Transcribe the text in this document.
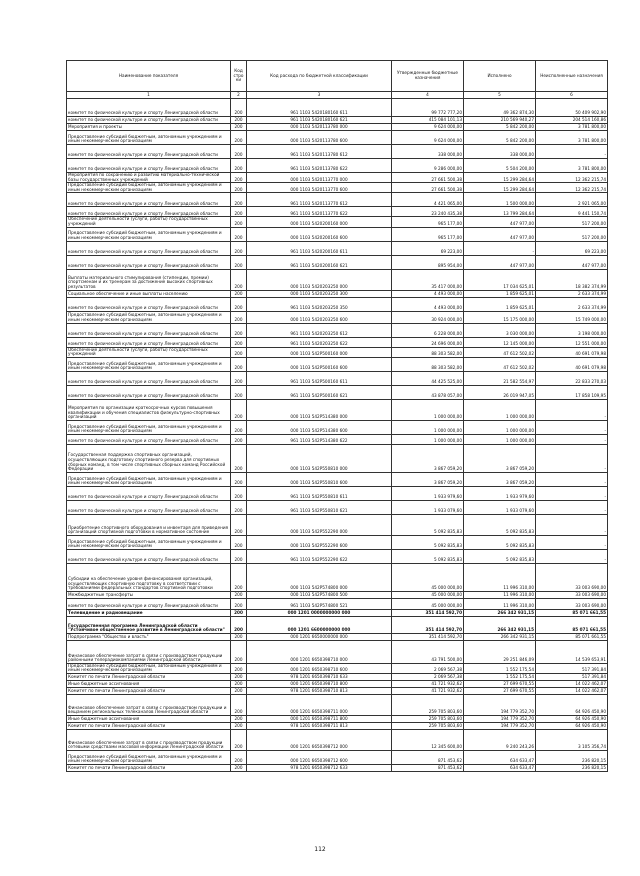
Наименование показателя	Код стро ки	Код расхода по бюджетной классификации	Утвержденные бюджетные назначения	Исполнено	Неисполненные назначения
1	2	3	4	5	6
комитет по физической культуре и спорту Ленинградской области	200	961 1103 5420180160 611	99 772 777,20	49 362 874,30	50 409 902,90
комитет по физической культуре и спорту Ленинградской области	200	961 1103 5420180160 621	415 084 101,13	210 569 940,27	204 514 160,86
Мероприятия и проекты	200	000 1103 5420113780 000	9 624 000,00	5 842 200,00	3 781 800,00
Предоставление субсидий бюджетным, автономным учреждениям и иным некоммерческим организациям	200	000 1103 5420113780 600	9 624 000,00	5 842 200,00	3 781 800,00
комитет по физической культуре и спорту Ленинградской области	200	961 1103 5420113780 612	338 000,00	338 000,00	-
комитет по физической культуре и спорту Ленинградской области	200	961 1103 5420113780 622	9 286 000,00	5 504 200,00	3 781 800,00
Мероприятия по сохранению и развитию материально-технической базы государственных учреждений	200	000 1103 5420113770 000	27 661 500,38	15 299 284,64	12 362 215,74
Предоставление субсидий бюджетным, автономным учреждениям и иным некоммерческим организациям	200	000 1103 5420113770 600	27 661 500,38	15 299 284,64	12 362 215,74
комитет по физической культуре и спорту Ленинградской области	200	961 1103 5420113770 612	4 421 065,00	1 500 000,00	2 921 065,00
комитет по физической культуре и спорту Ленинградской области	200	961 1103 5420113770 622	23 240 435,38	13 799 284,64	9 441 150,74
Обеспечение деятельности (услуги, работы) государственных учреждений	200	000 1103 5420200160 000	965 177,00	447 977,00	517 200,00
Предоставление субсидий бюджетным, автономным учреждениям и иным некоммерческим организациям	200	000 1103 5420200160 600	965 177,00	447 977,00	517 200,00
комитет по физической культуре и спорту Ленинградской области	200	961 1103 5420200160 611	69 223,00	-	69 223,00
комитет по физической культуре и спорту Ленинградской области	200	961 1103 5420200160 621	895 954,00	447 977,00	447 977,00
Выплаты материального стимулирования (стипендии, премии) спортсменам и их тренерам за достижение высоких спортивных результатов	200	000 1103 5420203250 000	35 417 000,00	17 034 625,01	18 382 374,99
Социальное обеспечение и иные выплаты населению	200	000 1103 5420203250 300	4 493 000,00	1 859 625,01	2 633 374,99
комитет по физической культуре и спорту Ленинградской области	200	961 1103 5420203250 350	4 493 000,00	1 859 625,01	2 633 374,99
Предоставление субсидий бюджетным, автономным учреждениям и иным некоммерческим организациям	200	000 1103 5420203250 600	30 924 000,00	15 175 000,00	15 749 000,00
комитет по физической культуре и спорту Ленинградской области	200	961 1103 5420203250 612	6 228 000,00	3 030 000,00	3 198 000,00
комитет по физической культуре и спорту Ленинградской области	200	961 1103 5420203250 622	24 696 000,00	12 145 000,00	12 551 000,00
Обеспечение деятельности (услуги, работы) государственных учреждений	200	000 1103 542P500160 000	88 303 582,00	47 612 502,02	40 691 079,98
Предоставление субсидий бюджетным, автономным учреждениям и иным некоммерческим организациям	200	000 1103 542P500160 600	88 303 582,00	47 612 502,02	40 691 079,98
комитет по физической культуре и спорту Ленинградской области	200	961 1103 542P500160 611	44 425 525,00	21 582 554,97	22 833 270,03
комитет по физической культуре и спорту Ленинградской области	200	961 1103 542P500160 621	43 878 057,00	26 019 947,05	17 858 109,95
Мероприятия по организации краткосрочных курсов повышения квалификации и обучения специалистов физкультурно-спортивных организаций	200	000 1103 542P514380 000	1 000 000,00	1 000 000,00	-
Предоставление субсидий бюджетным, автономным учреждениям и иным некоммерческим организациям	200	000 1103 542P514380 600	1 000 000,00	1 000 000,00	-
комитет по физической культуре и спорту Ленинградской области	200	961 1103 542P514380 622	1 000 000,00	1 000 000,00	-
Государственная поддержка спортивных организаций, осуществляющих подготовку спортивного резерва для спортивных сборных команд, в том числе спортивных сборных команд Российской Федерации	200	000 1103 542P550810 000	3 867 059,20	3 867 059,20	-
Предоставление субсидий бюджетным, автономным учреждениям и иным некоммерческим организациям	200	000 1103 542P550810 600	3 867 059,20	3 867 059,20	-
комитет по физической культуре и спорту Ленинградской области	200	961 1103 542P550810 611	1 933 979,60	1 933 979,60	-
комитет по физической культуре и спорту Ленинградской области	200	961 1103 542P550810 621	1 933 079,60	1 933 079,60	-
Приобретение спортивного оборудования и инвентаря для приведения организаций спортивной подготовки в нормативное состояние	200	000 1103 542P552290 000	5 092 835,83	5 092 835,83	-
Предоставление субсидий бюджетным, автономным учреждениям и иным некоммерческим организациям	200	000 1103 542P552290 600	5 092 835,83	5 092 835,83	-
комитет по физической культуре и спорту Ленинградской области	200	961 1103 542P552290 622	5 092 835,83	5 092 835,83	-
Субсидии на обеспечение уровня финансирования организаций, осуществляющих спортивную подготовку в соответствии с требованиями федеральных стандартов спортивной подготовки	200	000 1103 542P574800 000	45 000 000,00	11 996 310,00	33 003 690,00
Межбюджетные трансферты	200	000 1103 542P574800 500	45 000 000,00	11 996 310,00	33 003 690,00
комитет по физической культуре и спорту Ленинградской области	200	961 1103 542P574800 521	45 000 000,00	11 996 310,00	33 003 690,00
Телевидение и радиовещание	200	000 1201 0000000000 000	351 414 592,70	266 342 931,15	85 071 661,55
Государственная программа Ленинградской области "Устойчивое общественное развитие в Ленинградской области"	200	000 1201 6600000000 000	351 414 592,70	266 342 931,15	85 071 661,55
Подпрограмма "Общество и власть"	200	000 1201 6650000000 000	351 414 592,70	266 342 931,15	85 071 661,55
Финансовое обеспечение затрат в связи с производством продукции районными телерадиокомпаниями Ленинградской области	200	000 1201 6650398710 000	43 791 500,00	29 251 846,09	14 539 653,91
Предоставление субсидий бюджетным, автономным учреждениям и иным некоммерческим организациям	200	000 1201 6650398710 600	2 069 567,38	1 552 175,54	517 391,84
Комитет по печати Ленинградской области	200	978 1201 6650398710 633	2 069 567,38	1 552 175,54	517 391,84
Иные бюджетные ассигнования	200	000 1201 6650398710 800	41 721 932,62	27 699 670,55	14 022 462,07
Комитет по печати Ленинградской области	200	978 1201 6650398710 813	41 721 932,62	27 699 670,55	14 022 462,07
Финансовое обеспечение затрат в связи с производством продукции и вещанием региональных телеканалов Ленинградской области	200	000 1201 6650398711 000	259 705 803,60	194 779 352,70	64 926 450,90
Иные бюджетные ассигнования	200	000 1201 6650398711 800	259 705 803,60	194 779 352,70	64 926 450,90
Комитет по печати Ленинградской области	200	978 1201 6650398711 813	259 705 803,60	194 779 352,70	64 926 450,90
Финансовое обеспечение затрат в связи с производством продукции сетевыми средствами массовой информации Ленинградской области	200	000 1201 6650398712 000	12 345 600,00	9 240 243,26	3 105 356,74
Предоставление субсидий бюджетным, автономным учреждениям и иным некоммерческим организациям	200	000 1201 6650398712 600	871 453,62	634 633,47	236 820,15
Комитет по печати Ленинградской области	200	978 1201 6650398712 633	871 453,62	634 633,47	236 820,15
112
